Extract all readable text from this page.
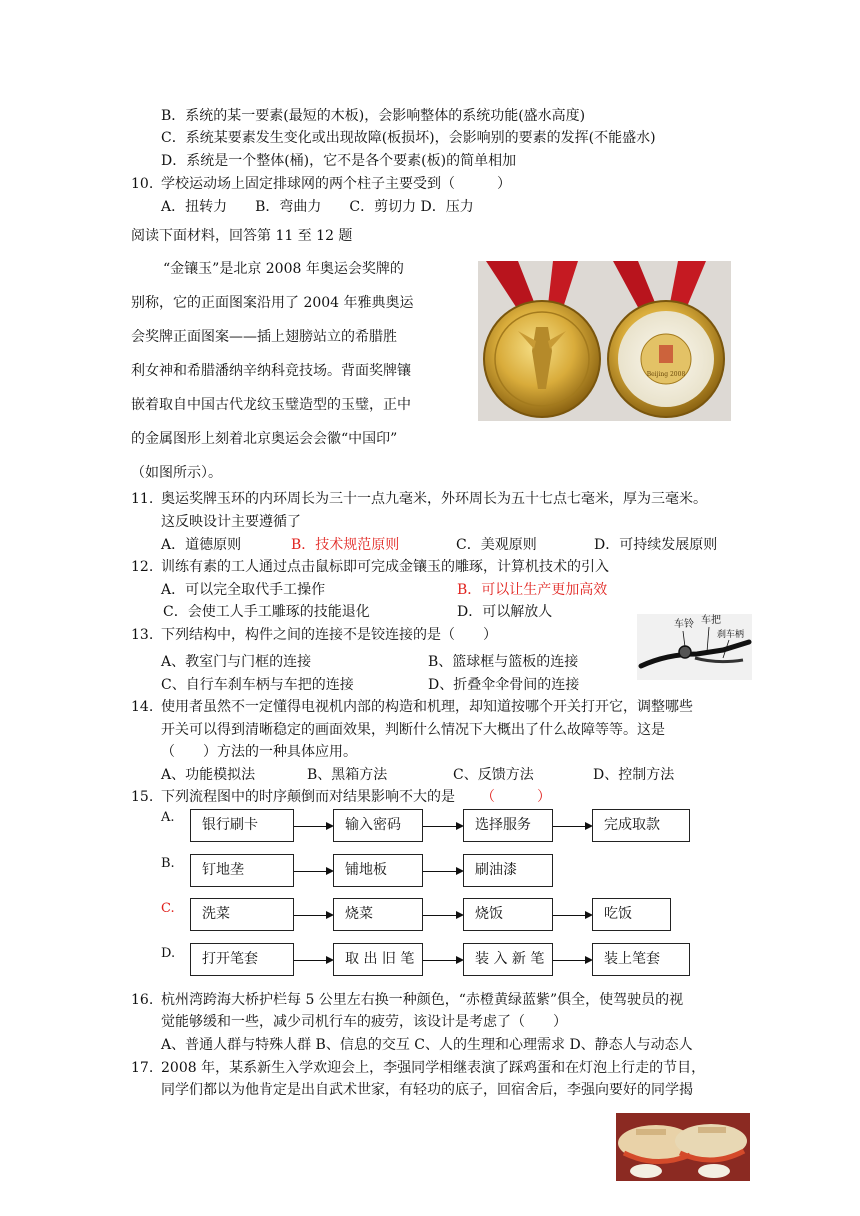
B．系统的某一要素(最短的木板)，会影响整体的系统功能(盛水高度)
C．系统某要素发生变化或出现故障(板损坏)，会影响别的要素的发挥(不能盛水)
D．系统是一个整体(桶)，它不是各个要素(板)的简单相加
10. 学校运动场上固定排球网的两个柱子主要受到（　　　）
A．扭转力　　B．弯曲力　　C．剪切力 D．压力
阅读下面材料，回答第 11 至 12 题
“金镶玉”是北京 2008 年奥运会奖牌的
别称，它的正面图案沿用了 2004 年雅典奥运
会奖牌正面图案——插上翅膀站立的希腊胜
利女神和希腊潘纳辛纳科竞技场。背面奖牌镶
嵌着取自中国古代龙纹玉璧造型的玉璧，正中
的金属图形上刻着北京奥运会会徽“中国印”
（如图所示）。
Beijing 2008
11. 奥运奖牌玉环的内环周长为三十一点九毫米，外环周长为五十七点七毫米，厚为三毫米。
这反映设计主要遵循了
A．道德原则	B．技术规范原则	C．美观原则	D．可持续发展原则
12. 训练有素的工人通过点击鼠标即可完成金镶玉的雕琢，计算机技术的引入
A．可以完全取代手工操作	B．可以让生产更加高效
C．会使工人手工雕琢的技能退化	D．可以解放人
13. 下列结构中，构件之间的连接不是铰连接的是（　　）
A、教室门与门框的连接	B、篮球框与篮板的连接
C、自行车刹车柄与车把的连接	D、折叠伞伞骨间的连接
车铃 车把
刹车柄
14. 使用者虽然不一定懂得电视机内部的构造和机理，却知道按哪个开关打开它，调整哪些
开关可以得到清晰稳定的画面效果，判断什么情况下大概出了什么故障等等。这是
（　　）方法的一种具体应用。
A、功能模拟法	B、黑箱方法	C、反馈方法	D、控制方法
15. 下列流程图中的时序颠倒而对结果影响不大的是 （　　　）
A.	银行刷卡	输入密码	选择服务	完成取款
B.	钉地垄	铺地板	刷油漆
C.	洗菜	烧菜	烧饭	吃饭
D.	打开笔套	取 出 旧 笔	装 入 新 笔	装上笔套
16. 杭州湾跨海大桥护栏每 5 公里左右换一种颜色，“赤橙黄绿蓝紫”俱全，使驾驶员的视
觉能够缓和一些，减少司机行车的疲劳，该设计是考虑了（　　）
A、普通人群与特殊人群 B、信息的交互 C、人的生理和心理需求 D、静态人与动态人
17. 2008 年，某系新生入学欢迎会上，李强同学相继表演了踩鸡蛋和在灯泡上行走的节目，
同学们都以为他肯定是出自武术世家，有轻功的底子，回宿舍后，李强向要好的同学揭
